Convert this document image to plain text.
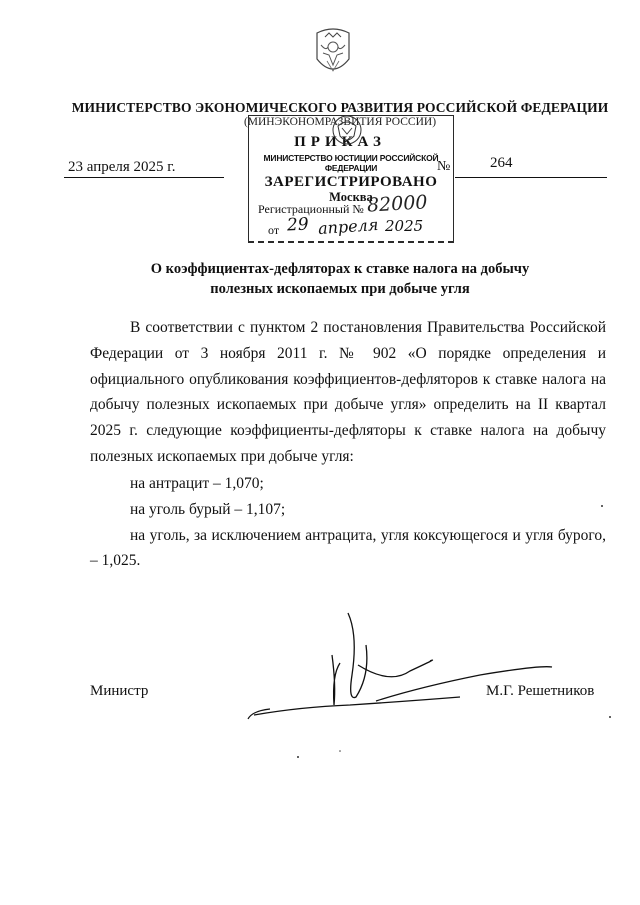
МИНИСТЕРСТВО ЭКОНОМИЧЕСКОГО РАЗВИТИЯ РОССИЙСКОЙ ФЕДЕРАЦИИ
(МИНЭКОНОМРАЗВИТИЯ РОССИИ)
ПРИКАЗ
23 апреля 2025 г.	№	264
МИНИСТЕРСТВО ЮСТИЦИИ РОССИЙСКОЙ ФЕДЕРАЦИИ
ЗАРЕГИСТРИРОВАНО
Москва
Регистрационный № 82000
от 29 апреля 2025
О коэффициентах-дефляторах к ставке налога на добычу
полезных ископаемых при добыче угля

В соответствии с пунктом 2 постановления Правительства Российской Федерации от 3 ноября 2011 г. № 902 «О порядке определения и официального опубликования коэффициентов-дефляторов к ставке налога на добычу полезных ископаемых при добыче угля» определить на II квартал 2025 г. следующие коэффициенты-дефляторы к ставке налога на добычу полезных ископаемых при добыче угля:

на антрацит – 1,070;

на уголь бурый – 1,107;

на уголь, за исключением антрацита, угля коксующегося и угля бурого, – 1,025.

Министр	М.Г. Решетников
